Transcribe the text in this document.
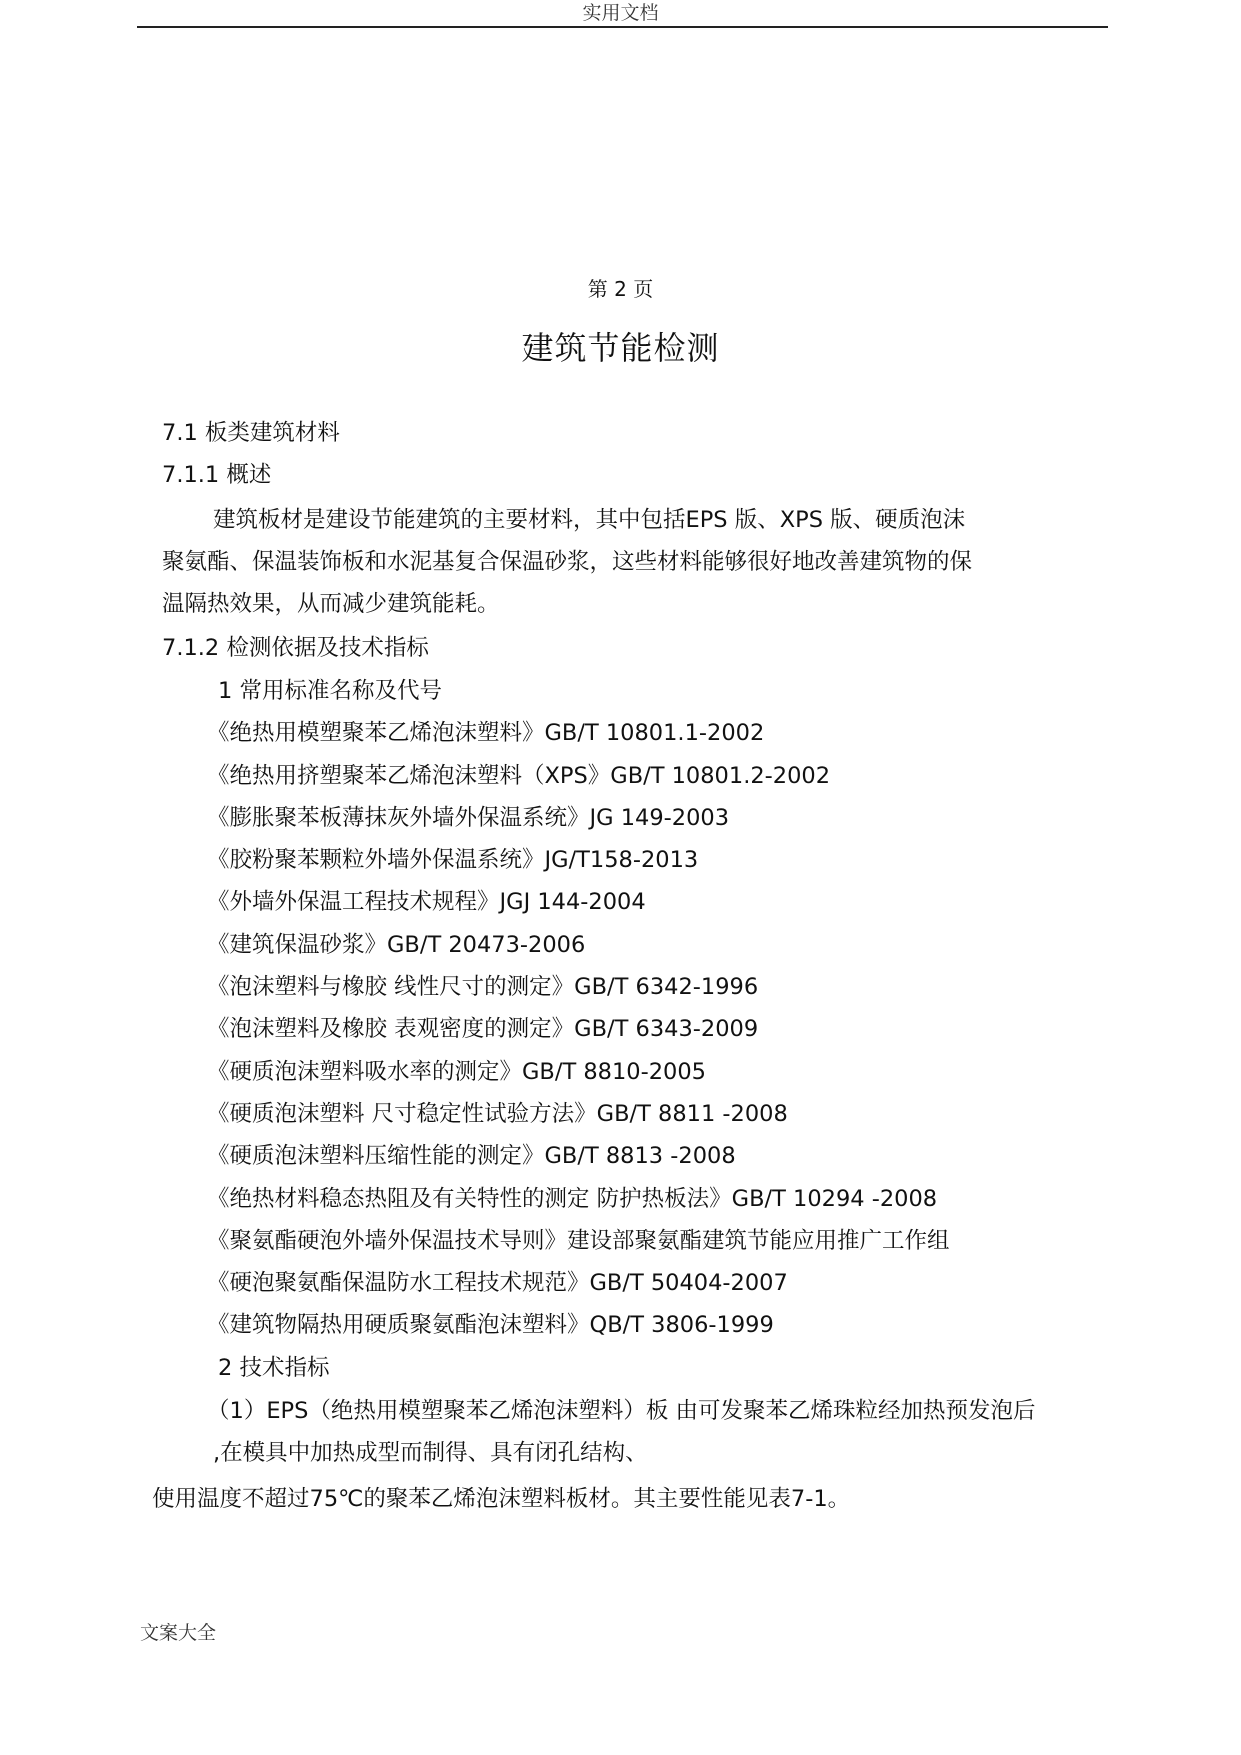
实用文档
第 2 页
建筑节能检测
7.1 板类建筑材料
7.1.1 概述
建筑板材是建设节能建筑的主要材料，其中包括EPS 版、XPS 版、硬质泡沫
聚氨酯、保温装饰板和水泥基复合保温砂浆，这些材料能够很好地改善建筑物的保
温隔热效果，从而减少建筑能耗。
7.1.2 检测依据及技术指标
1 常用标准名称及代号
《绝热用模塑聚苯乙烯泡沫塑料》GB/T 10801.1-2002
《绝热用挤塑聚苯乙烯泡沫塑料（XPS》GB/T 10801.2-2002
《膨胀聚苯板薄抹灰外墙外保温系统》JG 149-2003
《胶粉聚苯颗粒外墙外保温系统》JG/T158-2013
《外墙外保温工程技术规程》JGJ 144-2004
《建筑保温砂浆》GB/T 20473-2006
《泡沫塑料与橡胶 线性尺寸的测定》GB/T 6342-1996
《泡沫塑料及橡胶 表观密度的测定》GB/T 6343-2009
《硬质泡沫塑料吸水率的测定》GB/T 8810-2005
《硬质泡沫塑料 尺寸稳定性试验方法》GB/T 8811 -2008
《硬质泡沫塑料压缩性能的测定》GB/T 8813 -2008
《绝热材料稳态热阻及有关特性的测定 防护热板法》GB/T 10294 -2008
《聚氨酯硬泡外墙外保温技术导则》建设部聚氨酯建筑节能应用推广工作组
《硬泡聚氨酯保温防水工程技术规范》GB/T 50404-2007
《建筑物隔热用硬质聚氨酯泡沫塑料》QB/T 3806-1999
2 技术指标
（1）EPS（绝热用模塑聚苯乙烯泡沫塑料）板 由可发聚苯乙烯珠粒经加热预发泡后
,在模具中加热成型而制得、具有闭孔结构、
使用温度不超过75℃的聚苯乙烯泡沫塑料板材。其主要性能见表7-1。
文案大全
